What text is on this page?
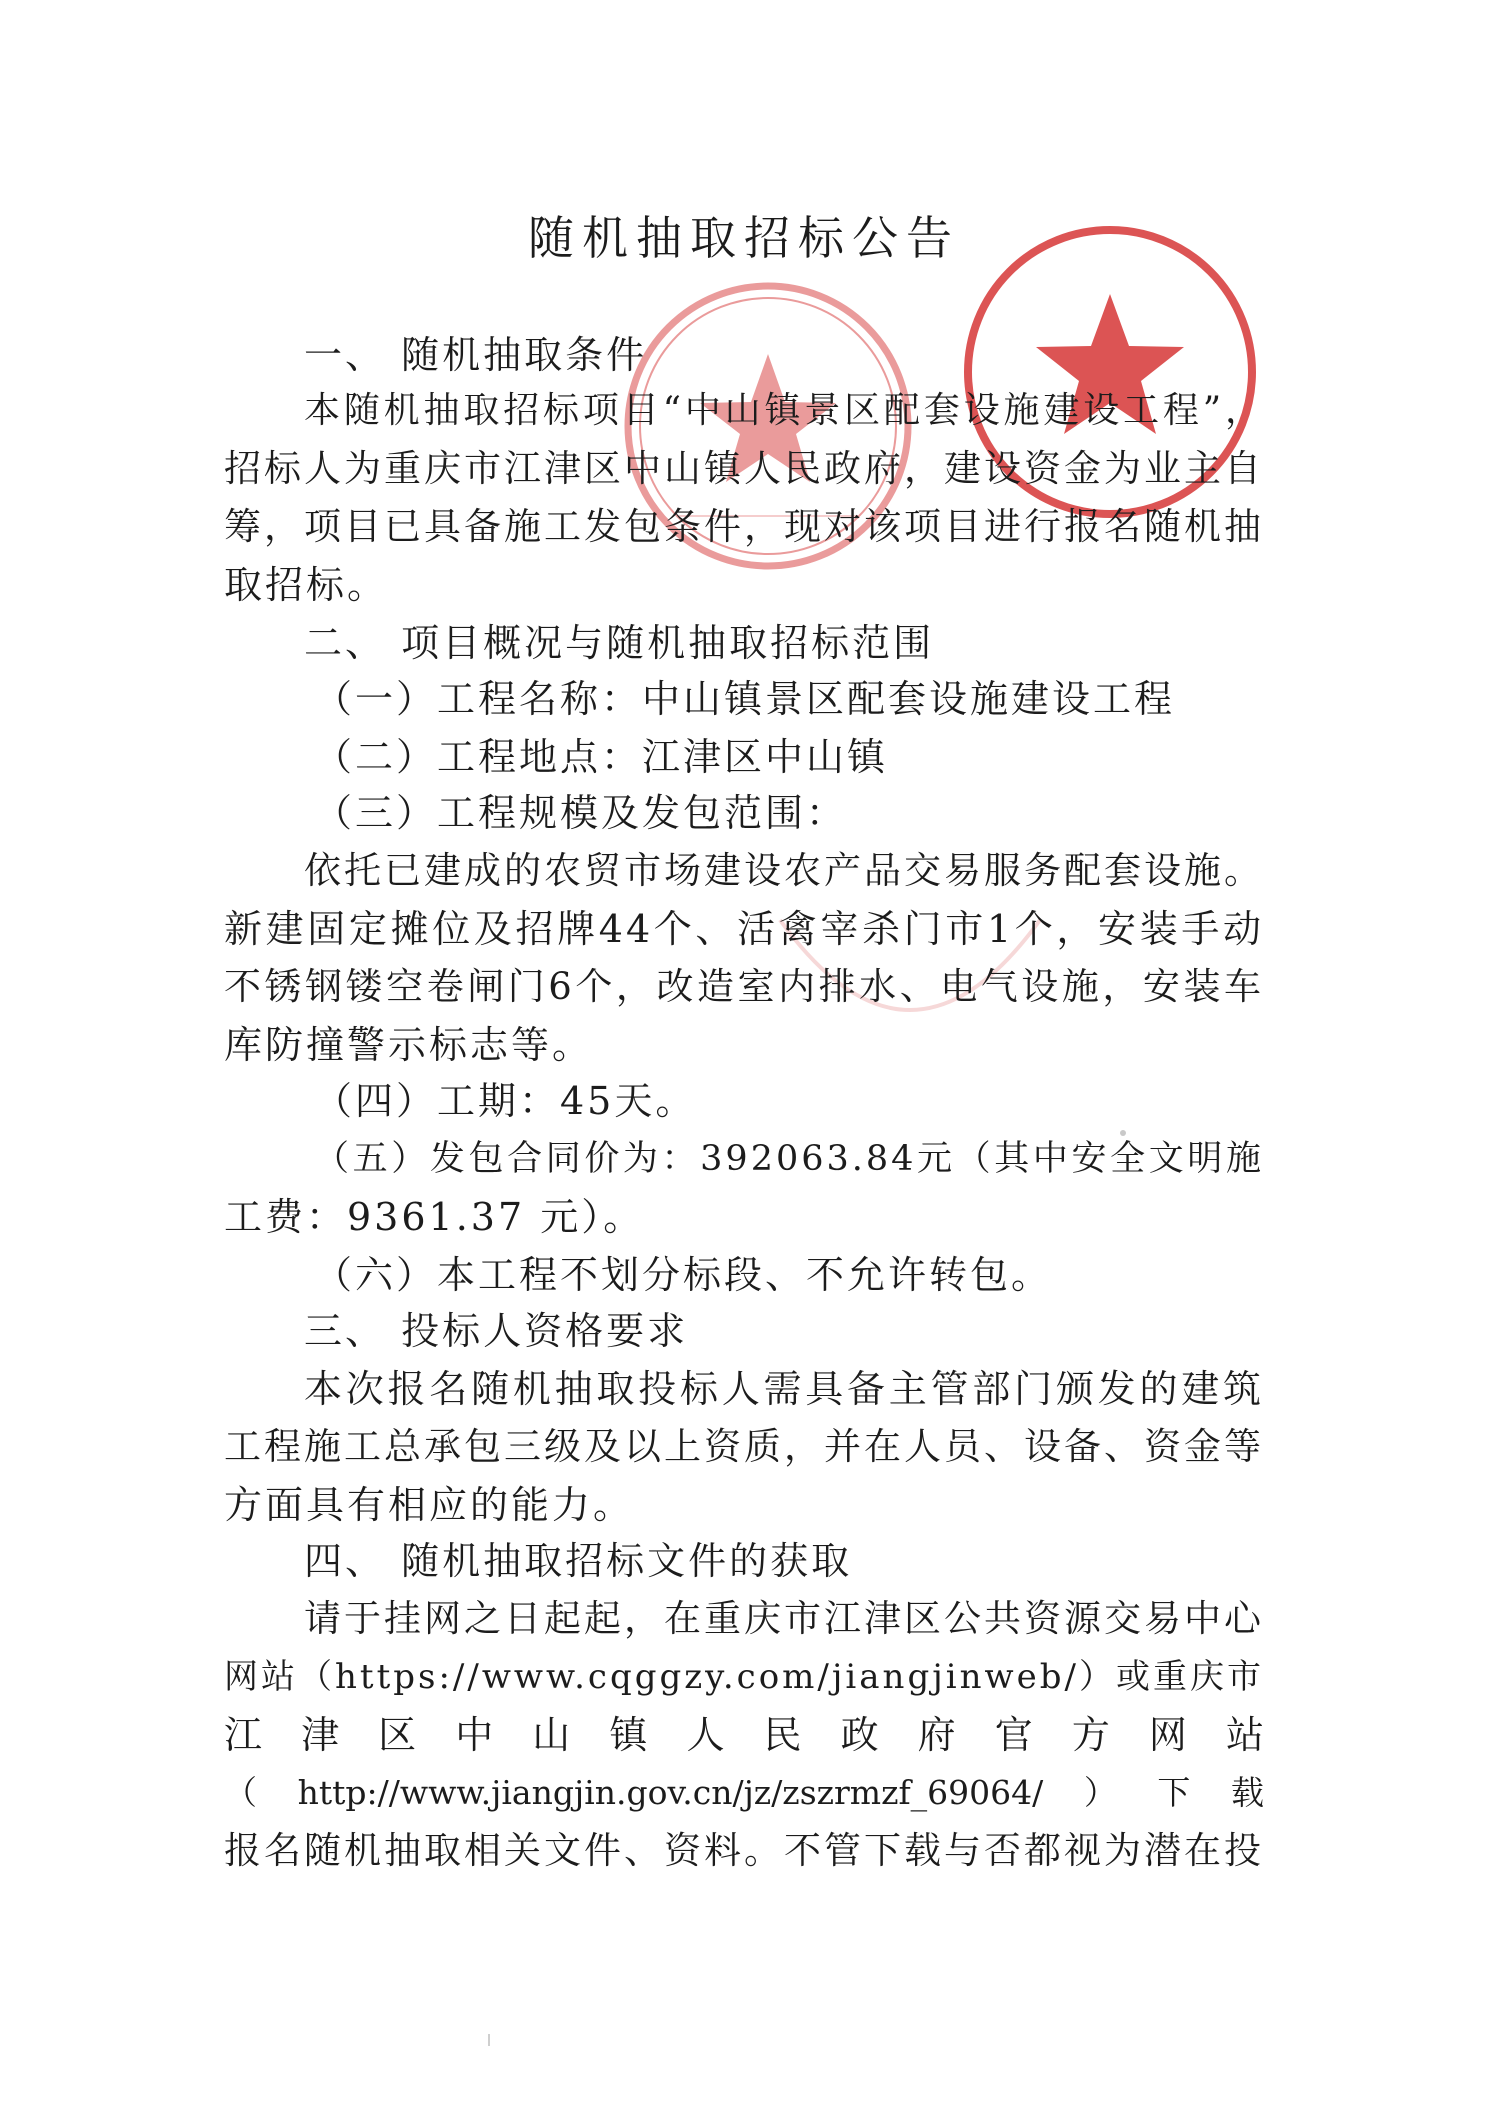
随机抽取招标公告
一、 随机抽取条件
本随机抽取招标项目“中山镇景区配套设施建设工程”，
招标人为重庆市江津区中山镇人民政府，建设资金为业主自
筹，项目已具备施工发包条件，现对该项目进行报名随机抽
取招标。
二、 项目概况与随机抽取招标范围
（一）工程名称：中山镇景区配套设施建设工程
（二）工程地点：江津区中山镇
（三）工程规模及发包范围：
依托已建成的农贸市场建设农产品交易服务配套设施。
新建固定摊位及招牌44个、活禽宰杀门市1个，安装手动
不锈钢镂空卷闸门6个，改造室内排水、电气设施，安装车
库防撞警示标志等。
（四）工期：45天。
（五）发包合同价为：392063.84元（其中安全文明施
工费：9361.37 元）。
（六）本工程不划分标段、不允许转包。
三、 投标人资格要求
本次报名随机抽取投标人需具备主管部门颁发的建筑
工程施工总承包三级及以上资质，并在人员、设备、资金等
方面具有相应的能力。
四、 随机抽取招标文件的获取
请于挂网之日起起，在重庆市江津区公共资源交易中心
网站（https://www.cqggzy.com/jiangjinweb/）或重庆市
江津区中山镇人民政府官方网站
（http://www.jiangjin.gov.cn/jz/zszrmzf_69064/）下载
报名随机抽取相关文件、资料。不管下载与否都视为潜在投
